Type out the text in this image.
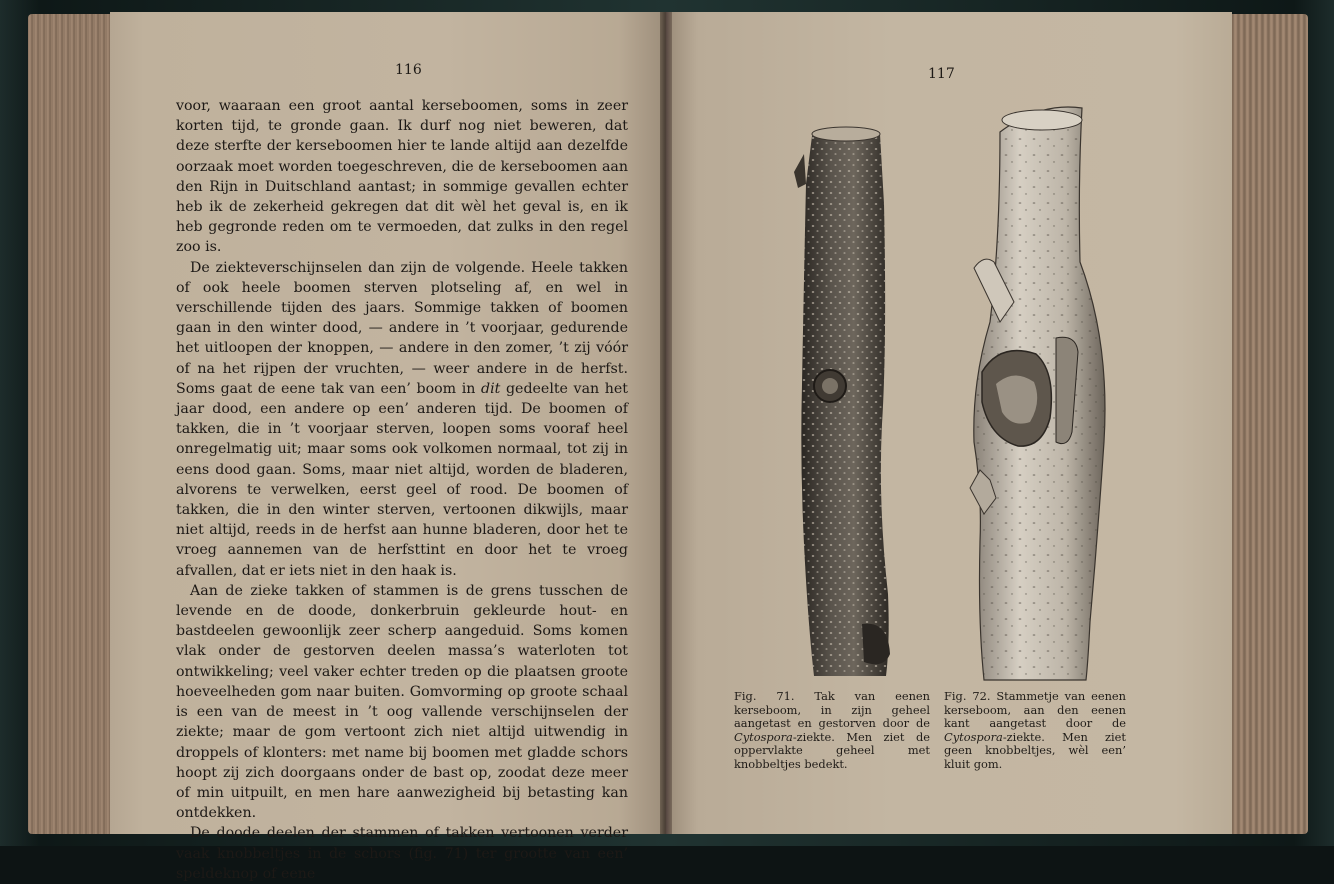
116	117

voor, waaraan een groot aantal kerseboomen, soms in zeer korten tijd, te gronde gaan. Ik durf nog niet beweren, dat deze sterfte der kerseboomen hier te lande altijd aan dezelfde oorzaak moet worden toegeschreven, die de kerseboomen aan den Rijn in Duitschland aantast; in sommige gevallen echter heb ik de zekerheid gekregen dat dit wèl het geval is, en ik heb gegronde reden om te vermoeden, dat zulks in den regel zoo is.

De ziekteverschijnselen dan zijn de volgende. Heele takken of ook heele boomen sterven plotseling af, en wel in verschillende tijden des jaars. Sommige takken of boomen gaan in den winter dood, — andere in ’t voorjaar, gedurende het uitloopen der knoppen, — andere in den zomer, ’t zij vóór of na het rijpen der vruchten, — weer andere in de herfst. Soms gaat de eene tak van een’ boom in dit gedeelte van het jaar dood, een andere op een’ anderen tijd. De boomen of takken, die in ’t voorjaar sterven, loopen soms vooraf heel onregelmatig uit; maar soms ook volkomen normaal, tot zij in eens dood gaan. Soms, maar niet altijd, worden de bladeren, alvorens te verwelken, eerst geel of rood. De boomen of takken, die in den winter sterven, vertoonen dikwijls, maar niet altijd, reeds in de herfst aan hunne bladeren, door het te vroeg aannemen van de herfsttint en door het te vroeg afvallen, dat er iets niet in den haak is.

Aan de zieke takken of stammen is de grens tusschen de levende en de doode, donkerbruin gekleurde hout- en bastdeelen gewoonlijk zeer scherp aangeduid. Soms komen vlak onder de gestorven deelen massa’s waterloten tot ontwikkeling; veel vaker echter treden op die plaatsen groote hoeveelheden gom naar buiten. Gomvorming op groote schaal is een van de meest in ’t oog vallende verschijnselen der ziekte; maar de gom vertoont zich niet altijd uitwendig in droppels of klonters: met name bij boomen met gladde schors hoopt zij zich doorgaans onder de bast op, zoodat deze meer of min uitpuilt, en men hare aanwezigheid bij betasting kan ontdekken.

De doode deelen der stammen of takken vertoonen verder vaak knobbeltjes in de schors (fig. 71) ter grootte van een’ speldeknop of eene

Fig. 71. Tak van eenen kerseboom, in zijn geheel aangetast en gestorven door de Cytospora-ziekte. Men ziet de oppervlakte geheel met knobbeltjes bedekt.
Fig. 72. Stammetje van eenen kerseboom, aan den eenen kant aangetast door de Cytospora-ziekte. Men ziet geen knobbeltjes, wèl een’ kluit gom.
